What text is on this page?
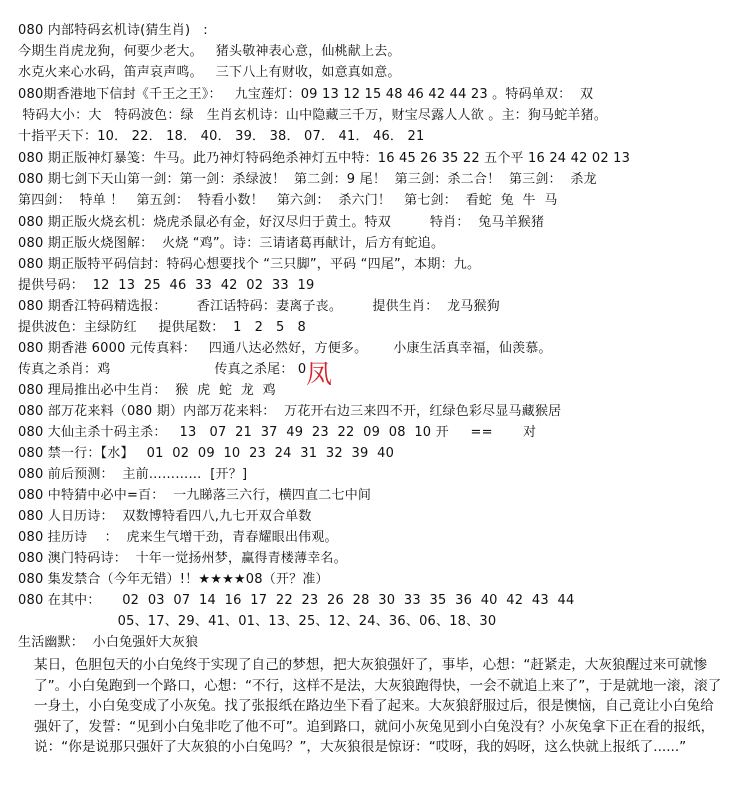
080 内部特码玄机诗(猜生肖)   :
今期生肖虎龙狗，何要少老大。   猪头敬神表心意，仙桃献上去。
水克火来心水码，笛声哀声鸣。   三下八上有财收，如意真如意。
080期香港地下信封《千王之王》：   九宝莲灯：09 13 12 15 48 46 42 44 23 。特码单双：  双
特码大小：大   特码波色：绿   生肖玄机诗：山中隐藏三千万，财宝尽露人人欲 。主：狗马蛇羊猪。
十指平天下：10． 22． 18． 40． 39． 38． 07． 41． 46． 21
080 期正版神灯暴笺：牛马。此乃神灯特码绝杀神灯五中特：16 45 26 35 22 五个平 16 24 42 02 13
080 期七剑下天山第一剑：第一剑：杀绿波！  第二剑：9 尾！  第三剑：杀二合！  第三剑：  杀龙
第四剑：  特单 ！   第五剑：  特看小数！   第六剑：  杀六门！   第七剑：  看蛇  兔  牛  马
080 期正版火烧玄机：烧虎杀鼠必有金，好汉尽归于黄土。特双         特肖：  兔马羊猴猪
080 期正版火烧图解：  火烧 “鸡”。诗：三请诸葛再献计，后方有蛇追。
080 期正版特平码信封：特码心想要找个 “三只脚”，平码 “四尾”，本期：九。
提供号码：  12  13  25  46  33  42  02  33  19
080 期香江特码精选报：       香江话特码：妻离子丧。       提供生肖：  龙马猴狗
提供波色：主绿防红     提供尾数：  1   2   5   8
080 期香港 6000 元传真料：   四通八达必然好，方便多。      小康生活真幸福，仙羡慕。
传真之杀肖：鸡                        传真之杀尾： 0
080 理局推出必中生肖：  猴  虎  蛇  龙  鸡
080 部万花来料（080 期）内部万花来料：  万花开右边三来四不开，红绿色彩尽显马藏猴居
080 大仙主杀十码主杀：   13   07  21  37  49  23  22  09  08  10 开     ==       对
080 禁一行：【水】   01  02  09  10  23  24  31  32  39  40
080 前后预测：  主前…………  [开？]
080 中特猜中必中=百：  一九睇落三六行，横四直二七中间
080 人日历诗：  双数博特看四八,九七开双合单数
080 挂历诗    ：  虎来生气增干劲，青春耀眼出伟观。
080 澳门特码诗：  十年一觉扬州梦，赢得青楼薄幸名。
080 集发禁合（今年无错）!！★★★★08（开？准）
080 在其中：     02  03  07  14  16  17  22  23  26  28  30  33  35  36  40  42  43  44
05、17、29、41、01、13、25、12、24、36、06、18、30
生活幽默：  小白兔强奸大灰狼
凤

某日，色胆包天的小白兔终于实现了自己的梦想，把大灰狼强奸了，事毕，心想：“赶紧走，大灰狼醒过来可就惨了”。小白兔跑到一个路口，心想：“不行，这样不是法，大灰狼跑得快，一会不就追上来了”，于是就地一滚，滚了一身土，小白兔变成了小灰兔。找了张报纸在路边坐下看了起来。大灰狼舒服过后，很是懊恼，自己竟让小白兔给强奸了，发誓：“见到小白兔非吃了他不可”。追到路口，就问小灰兔见到小白兔没有？小灰兔拿下正在看的报纸，说：“你是说那只强奸了大灰狼的小白兔吗？”，大灰狼很是惊讶：“哎呀，我的妈呀，这么快就上报纸了......”
